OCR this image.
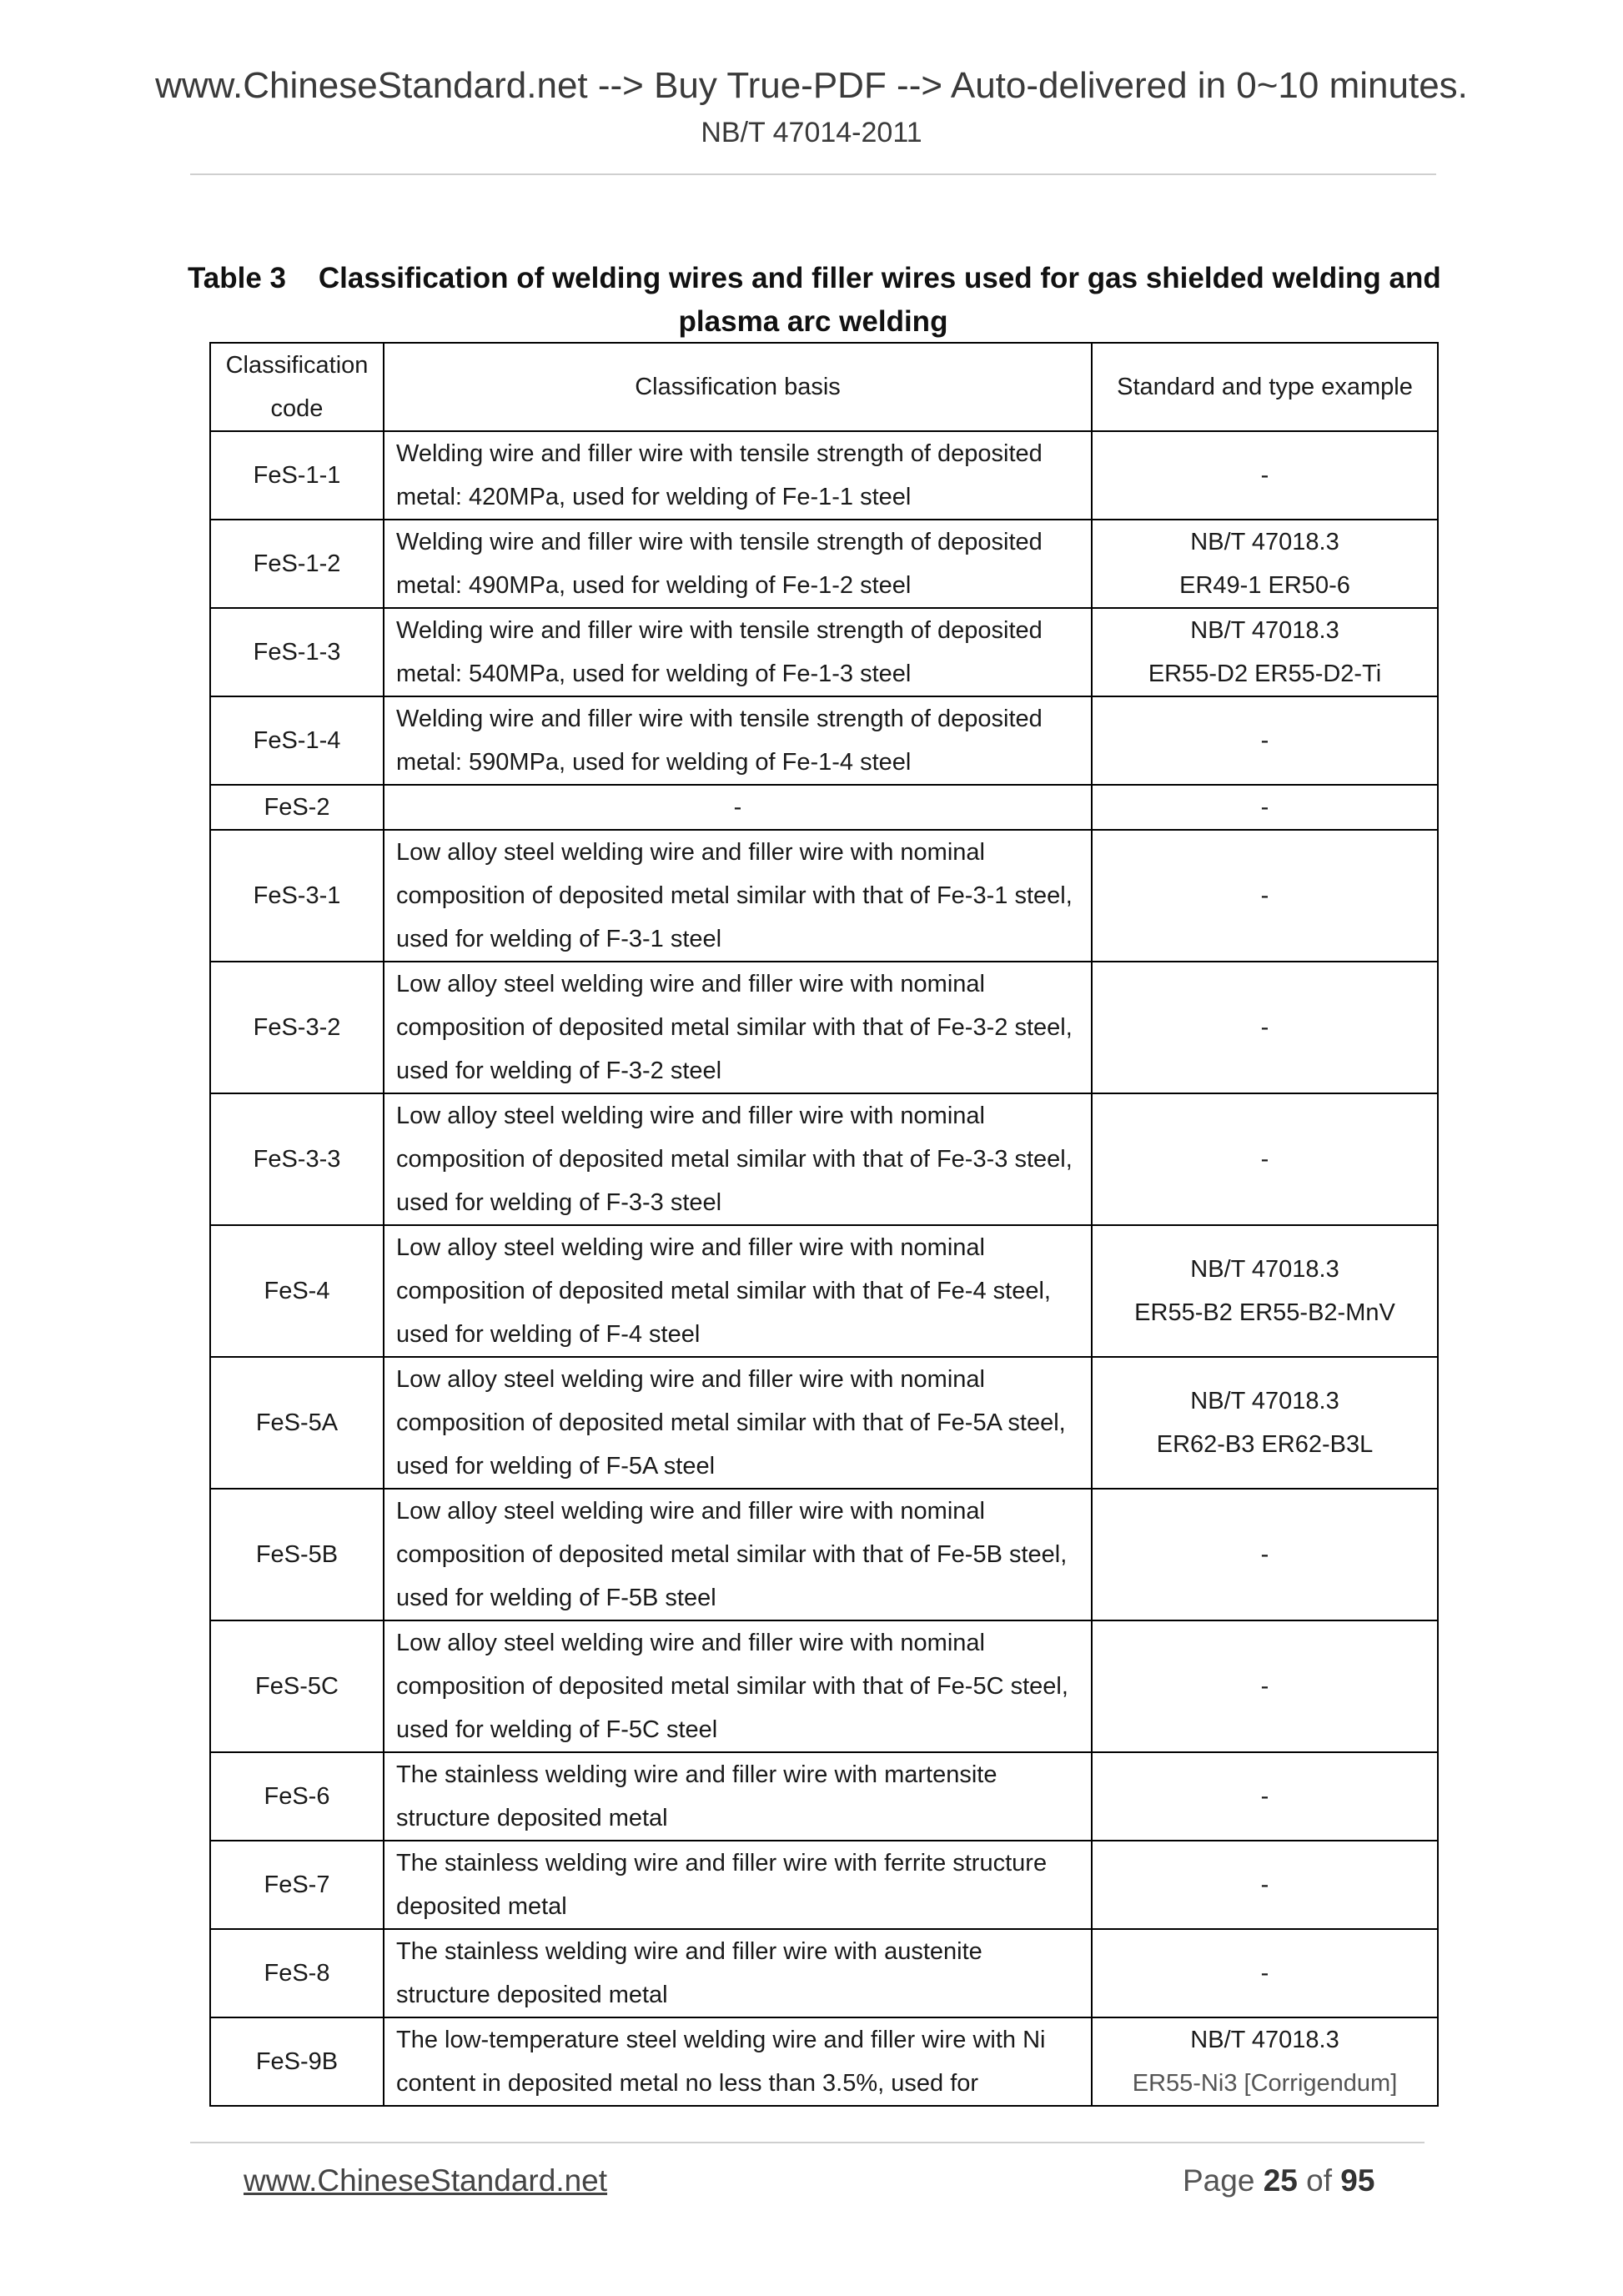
www.ChineseStandard.net --> Buy True-PDF --> Auto-delivered in 0~10 minutes.
NB/T 47014-2011
Table 3    Classification of welding wires and filler wires used for gas shielded welding and
plasma arc welding
Classification code	Classification basis	Standard and type example
FeS-1-1	Welding wire and filler wire with tensile strength of deposited metal: 420MPa, used for welding of Fe-1-1 steel	-

FeS-1-2	Welding wire and filler wire with tensile strength of deposited metal: 490MPa, used for welding of Fe-1-2 steel	NB/T 47018.3
ER49-1 ER50-6

FeS-1-3	Welding wire and filler wire with tensile strength of deposited metal: 540MPa, used for welding of Fe-1-3 steel	NB/T 47018.3
ER55-D2 ER55-D2-Ti

FeS-1-4	Welding wire and filler wire with tensile strength of deposited metal: 590MPa, used for welding of Fe-1-4 steel	-

FeS-2	-	-

FeS-3-1	Low alloy steel welding wire and filler wire with nominal composition of deposited metal similar with that of Fe-3-1 steel, used for welding of F-3-1 steel	-

FeS-3-2	Low alloy steel welding wire and filler wire with nominal composition of deposited metal similar with that of Fe-3-2 steel, used for welding of F-3-2 steel	-

FeS-3-3	Low alloy steel welding wire and filler wire with nominal composition of deposited metal similar with that of Fe-3-3 steel, used for welding of F-3-3 steel	-

FeS-4	Low alloy steel welding wire and filler wire with nominal composition of deposited metal similar with that of Fe-4 steel, used for welding of F-4 steel	NB/T 47018.3
ER55-B2 ER55-B2-MnV

FeS-5A	Low alloy steel welding wire and filler wire with nominal composition of deposited metal similar with that of Fe-5A steel, used for welding of F-5A steel	NB/T 47018.3
ER62-B3 ER62-B3L

FeS-5B	Low alloy steel welding wire and filler wire with nominal composition of deposited metal similar with that of Fe-5B steel, used for welding of F-5B steel	-

FeS-5C	Low alloy steel welding wire and filler wire with nominal composition of deposited metal similar with that of Fe-5C steel, used for welding of F-5C steel	-

FeS-6	The stainless welding wire and filler wire with martensite structure deposited metal	-

FeS-7	The stainless welding wire and filler wire with ferrite structure deposited metal	-

FeS-8	The stainless welding wire and filler wire with austenite structure deposited metal	-

FeS-9B	The low-temperature steel welding wire and filler wire with Ni content in deposited metal no less than 3.5%, used for	NB/T 47018.3
ER55-Ni3 [Corrigendum]
www.ChineseStandard.net	Page 25 of 95
